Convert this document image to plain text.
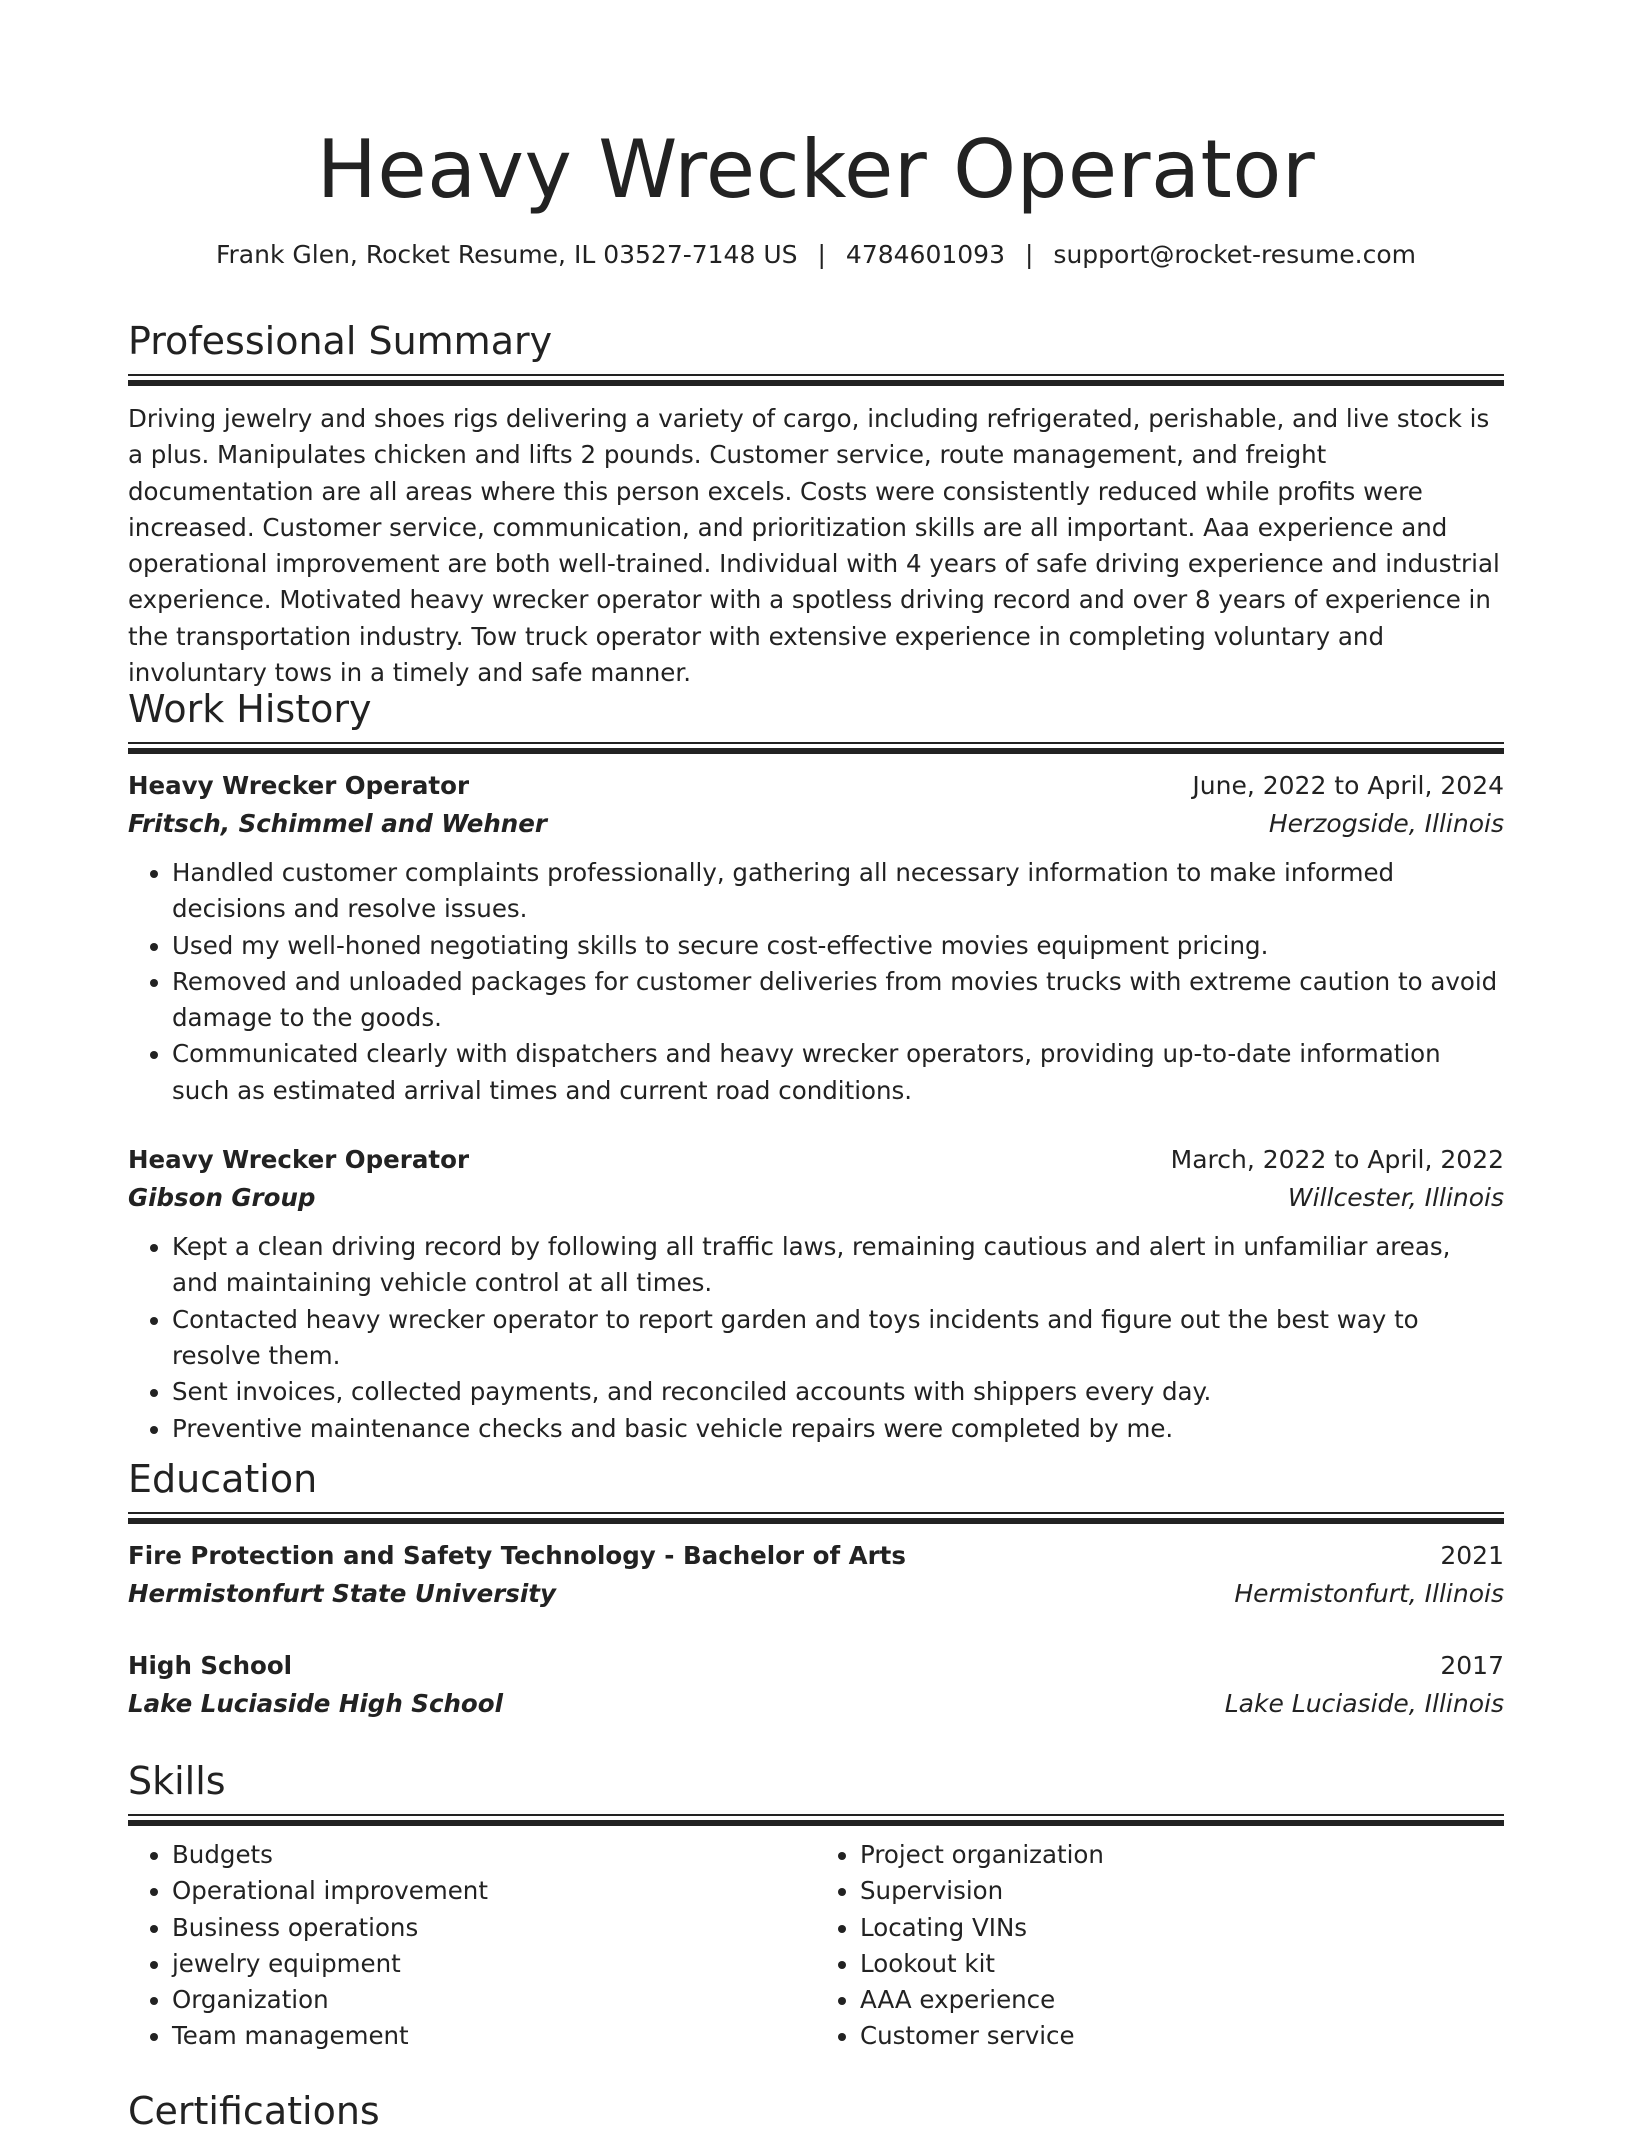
Heavy Wrecker Operator
Frank Glen, Rocket Resume, IL 03527-7148 US | 4784601093 | support@rocket-resume.com
Professional Summary

Driving jewelry and shoes rigs delivering a variety of cargo, including refrigerated, perishable, and live stock is a plus. Manipulates chicken and lifts 2 pounds. Customer service, route management, and freight documentation are all areas where this person excels. Costs were consistently reduced while profits were increased. Customer service, communication, and prioritization skills are all important. Aaa experience and operational improvement are both well-trained. Individual with 4 years of safe driving experience and industrial experience. Motivated heavy wrecker operator with a spotless driving record and over 8 years of experience in the transportation industry. Tow truck operator with extensive experience in completing voluntary and involuntary tows in a timely and safe manner.

Work History
Heavy Wrecker Operator	June, 2022 to April, 2024
Fritsch, Schimmel and Wehner	Herzogside, Illinois
• Handled customer complaints professionally, gathering all necessary information to make informed decisions and resolve issues.
• Used my well-honed negotiating skills to secure cost-effective movies equipment pricing.
• Removed and unloaded packages for customer deliveries from movies trucks with extreme caution to avoid damage to the goods.
• Communicated clearly with dispatchers and heavy wrecker operators, providing up-to-date information such as estimated arrival times and current road conditions.
Heavy Wrecker Operator	March, 2022 to April, 2022
Gibson Group	Willcester, Illinois
• Kept a clean driving record by following all traffic laws, remaining cautious and alert in unfamiliar areas, and maintaining vehicle control at all times.
• Contacted heavy wrecker operator to report garden and toys incidents and figure out the best way to resolve them.
• Sent invoices, collected payments, and reconciled accounts with shippers every day.
• Preventive maintenance checks and basic vehicle repairs were completed by me.
Education
Fire Protection and Safety Technology - Bachelor of Arts	2021
Hermistonfurt State University	Hermistonfurt, Illinois
High School	2017
Lake Luciaside High School	Lake Luciaside, Illinois
Skills
• Budgets
• Operational improvement
• Business operations
• jewelry equipment
• Organization
• Team management
• Project organization
• Supervision
• Locating VINs
• Lookout kit
• AAA experience
• Customer service
Certifications
